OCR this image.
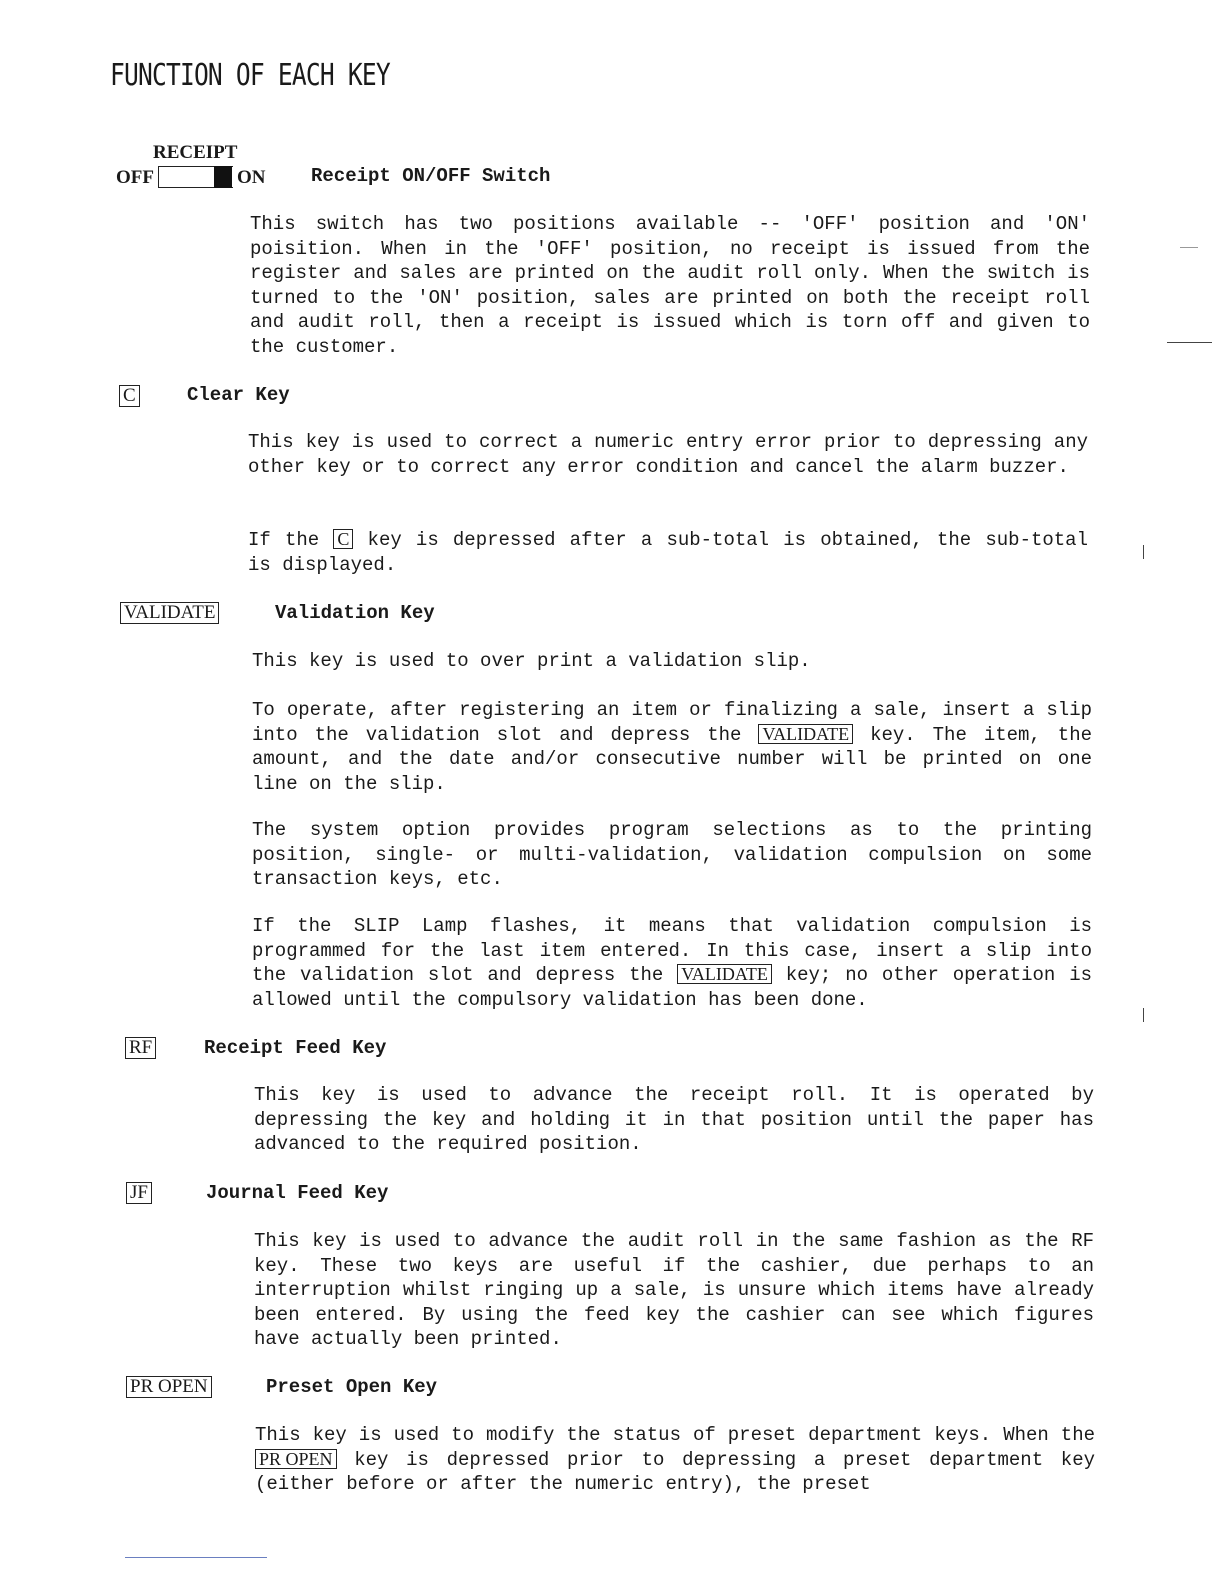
FUNCTION OF EACH KEY
RECEIPT
OFF	ON Receipt ON/OFF Switch
This switch has two positions available -- 'OFF' position and 'ON' poisition. When in the 'OFF' position, no receipt is issued from the register and sales are printed on the audit roll only. When the switch is turned to the 'ON' position, sales are printed on both the receipt roll and audit roll, then a receipt is issued which is torn off and given to the customer.
C	Clear Key
This key is used to correct a numeric entry error prior to depressing any other key or to correct any error condition and cancel the alarm buzzer.
If the C key is depressed after a sub-total is obtained, the sub-total is displayed.
VALIDATE	Validation Key
This key is used to over print a validation slip.
To operate, after registering an item or finalizing a sale, insert a slip into the validation slot and depress the VALIDATE key. The item, the amount, and the date and/or consecutive number will be printed on one line on the slip.
The system option provides program selections as to the printing position, single- or multi-validation, validation compulsion on some transaction keys, etc.
If the SLIP Lamp flashes, it means that validation compulsion is programmed for the last item entered. In this case, insert a slip into the validation slot and depress the VALIDATE key; no other operation is allowed until the compulsory validation has been done.
RF	Receipt Feed Key
This key is used to advance the receipt roll. It is operated by depressing the key and holding it in that position until the paper has advanced to the required position.
JF	Journal Feed Key
This key is used to advance the audit roll in the same fashion as the RF key. These two keys are useful if the cashier, due perhaps to an interruption whilst ringing up a sale, is unsure which items have already been entered. By using the feed key the cashier can see which figures have actually been printed.
PR OPEN	Preset Open Key
This key is used to modify the status of preset department keys. When the PR OPEN key is depressed prior to depressing a preset department key (either before or after the numeric entry), the preset
